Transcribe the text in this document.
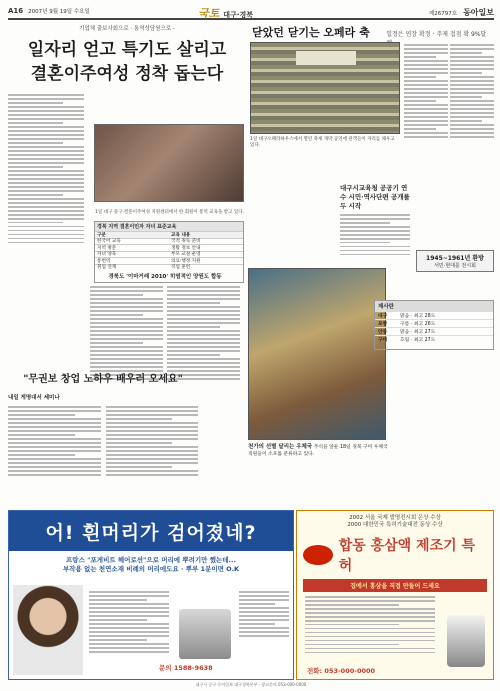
A16 2007년 9월 19일 수요일	국토 대구·경북	제26797호 동아일보
기업체 출보사회으로 · 통역성담원으로 -
일자리 얻고 특기도 살리고
결혼이주여성 정착 돕는다
1일 대구 중구 결혼이주여성 지원센터에서 한 회원이 통역 교육을 받고 있다.
경북 지역 결혼이민자 자녀 표준교육
구분	교육 내용
한국어 교육	국적 취득 준비
지역 방문	생활 정보 안내
자녀 양육	부모 교실 운영
통번역	의료·행정 지원
취업 연계	직업 훈련
닫았던 닫기는 오페라 축	일정은 연장 확정 · 주제 접점 확 9%달
1일 대구오페라하우스에서 열린 축제 개막 공연에 관객들이 자리를 채우고 있다.
경북도 '이마거래 2010' 히염적인 양원도 합동
천가의 선별 달리는 우체국 추석을 앞둔 18일 경북 구미 우체국 직원들이 소포를 분류하고 있다.
대구시교육청 공공기 연수 시민·역사단편 공개를 두 시작
1945~1961년 환방
서민·현대를 전시회
제사란
대구	맑음 · 최고 28도
포항	구름 · 최고 26도
안동	맑음 · 최고 27도
구미	흐림 · 최고 27도
"무권보 창업 노하우 배우러 오세요"
내일 게명대서 세미나
어! 흰머리가 검어졌네?
프랑스 "포게비트 헤어로션"으로 머리에 뿌려기만 했는데...
부작용 없는 천연소재 비례의 머리에도요 · 뿌루 1분이면 O.K
문의 1588-9638
2002 서울 국제 발명전시회 은상 수상
2000 대한민국 특허기술대전 동상 수상
합동 홍삼액 제조기 특허
집에서 홍삼을 직접 만들어 드세요
전화: 053-000-0000
대구시 중구 동아일보 대구경북본부 · 광고문의 053-000-0000
